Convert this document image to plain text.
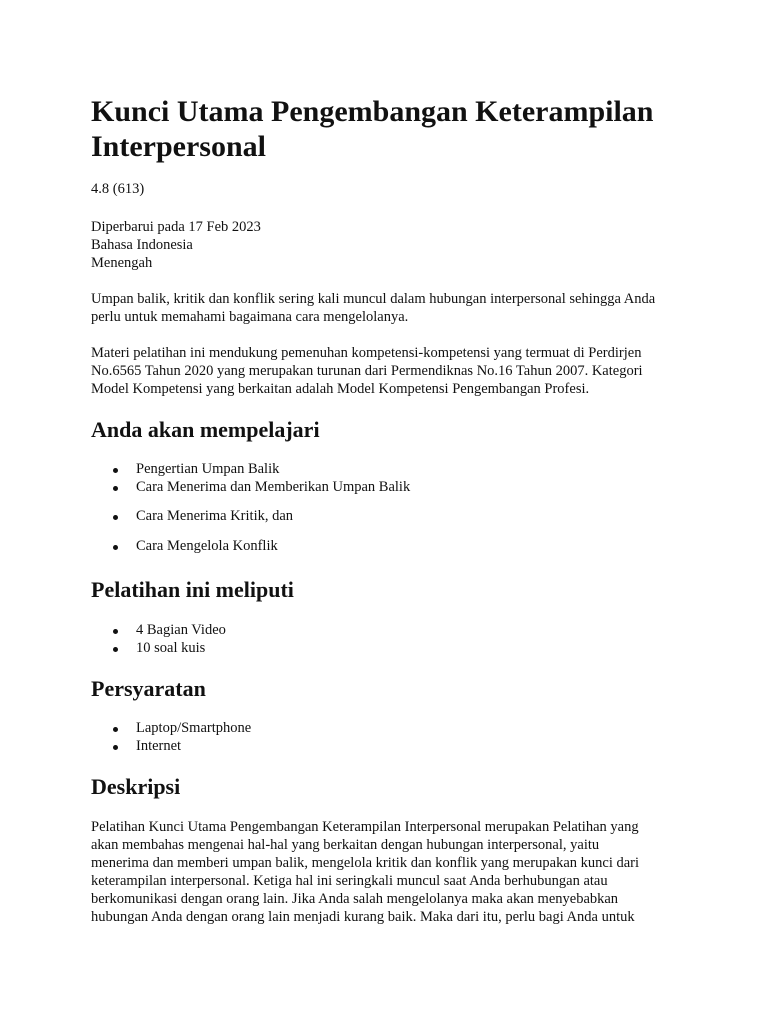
Kunci Utama Pengembangan Keterampilan Interpersonal

4.8 (613)

Diperbarui pada 17 Feb 2023

Bahasa Indonesia

Menengah

Umpan balik, kritik dan konflik sering kali muncul dalam hubungan interpersonal sehingga Anda

perlu untuk memahami bagaimana cara mengelolanya.

Materi pelatihan ini mendukung pemenuhan kompetensi-kompetensi yang termuat di Perdirjen

No.6565 Tahun 2020 yang merupakan turunan dari Permendiknas No.16 Tahun 2007. Kategori

Model Kompetensi yang berkaitan adalah Model Kompetensi Pengembangan Profesi.

Anda akan mempelajari
Pengertian Umpan Balik
Cara Menerima dan Memberikan Umpan Balik
Cara Menerima Kritik, dan
Cara Mengelola Konflik
Pelatihan ini meliputi
4 Bagian Video
10 soal kuis
Persyaratan
Laptop/Smartphone
Internet
Deskripsi

Pelatihan Kunci Utama Pengembangan Keterampilan Interpersonal merupakan Pelatihan yang

akan membahas mengenai hal-hal yang berkaitan dengan hubungan interpersonal, yaitu

menerima dan memberi umpan balik, mengelola kritik dan konflik yang merupakan kunci dari

keterampilan interpersonal. Ketiga hal ini seringkali muncul saat Anda berhubungan atau

berkomunikasi dengan orang lain. Jika Anda salah mengelolanya maka akan menyebabkan

hubungan Anda dengan orang lain menjadi kurang baik. Maka dari itu, perlu bagi Anda untuk
